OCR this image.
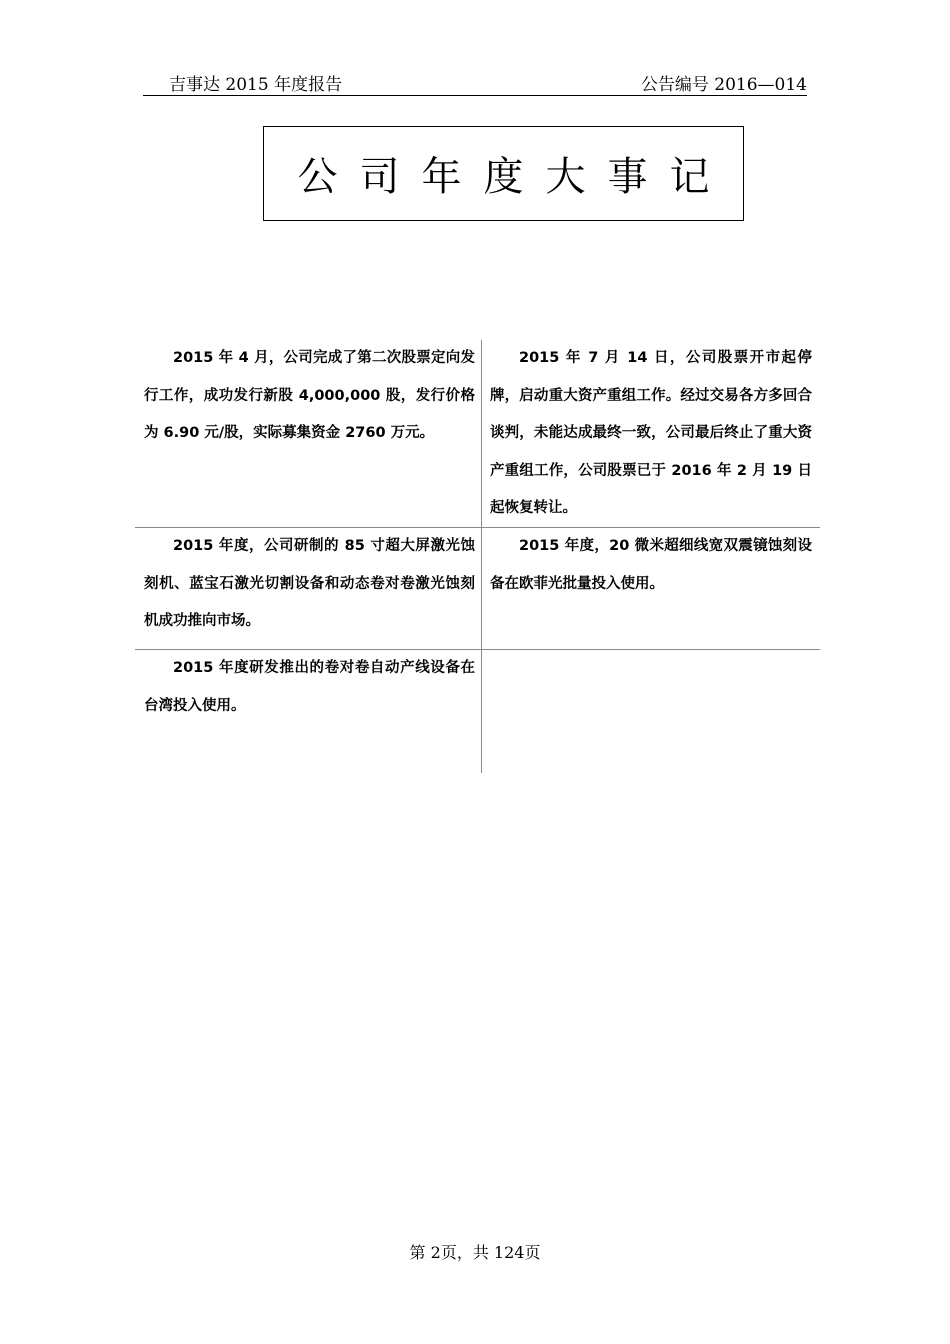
吉事达 2015 年度报告	公告编号 2016—014
公司年度大事记
2015 年 4 月，公司完成了第二次股票定向发行工作，成功发行新股 4,000,000 股，发行价格为 6.90 元/股，实际募集资金 2760 万元。
2015 年 7 月 14 日，公司股票开市起停牌，启动重大资产重组工作。经过交易各方多回合谈判，未能达成最终一致，公司最后终止了重大资产重组工作，公司股票已于 2016 年 2 月 19 日起恢复转让。
2015 年度，公司研制的 85 寸超大屏激光蚀刻机、蓝宝石激光切割设备和动态卷对卷激光蚀刻机成功推向市场。
2015 年度，20 微米超细线宽双震镜蚀刻设备在欧菲光批量投入使用。
2015 年度研发推出的卷对卷自动产线设备在台湾投入使用。
第 2页，共 124页
